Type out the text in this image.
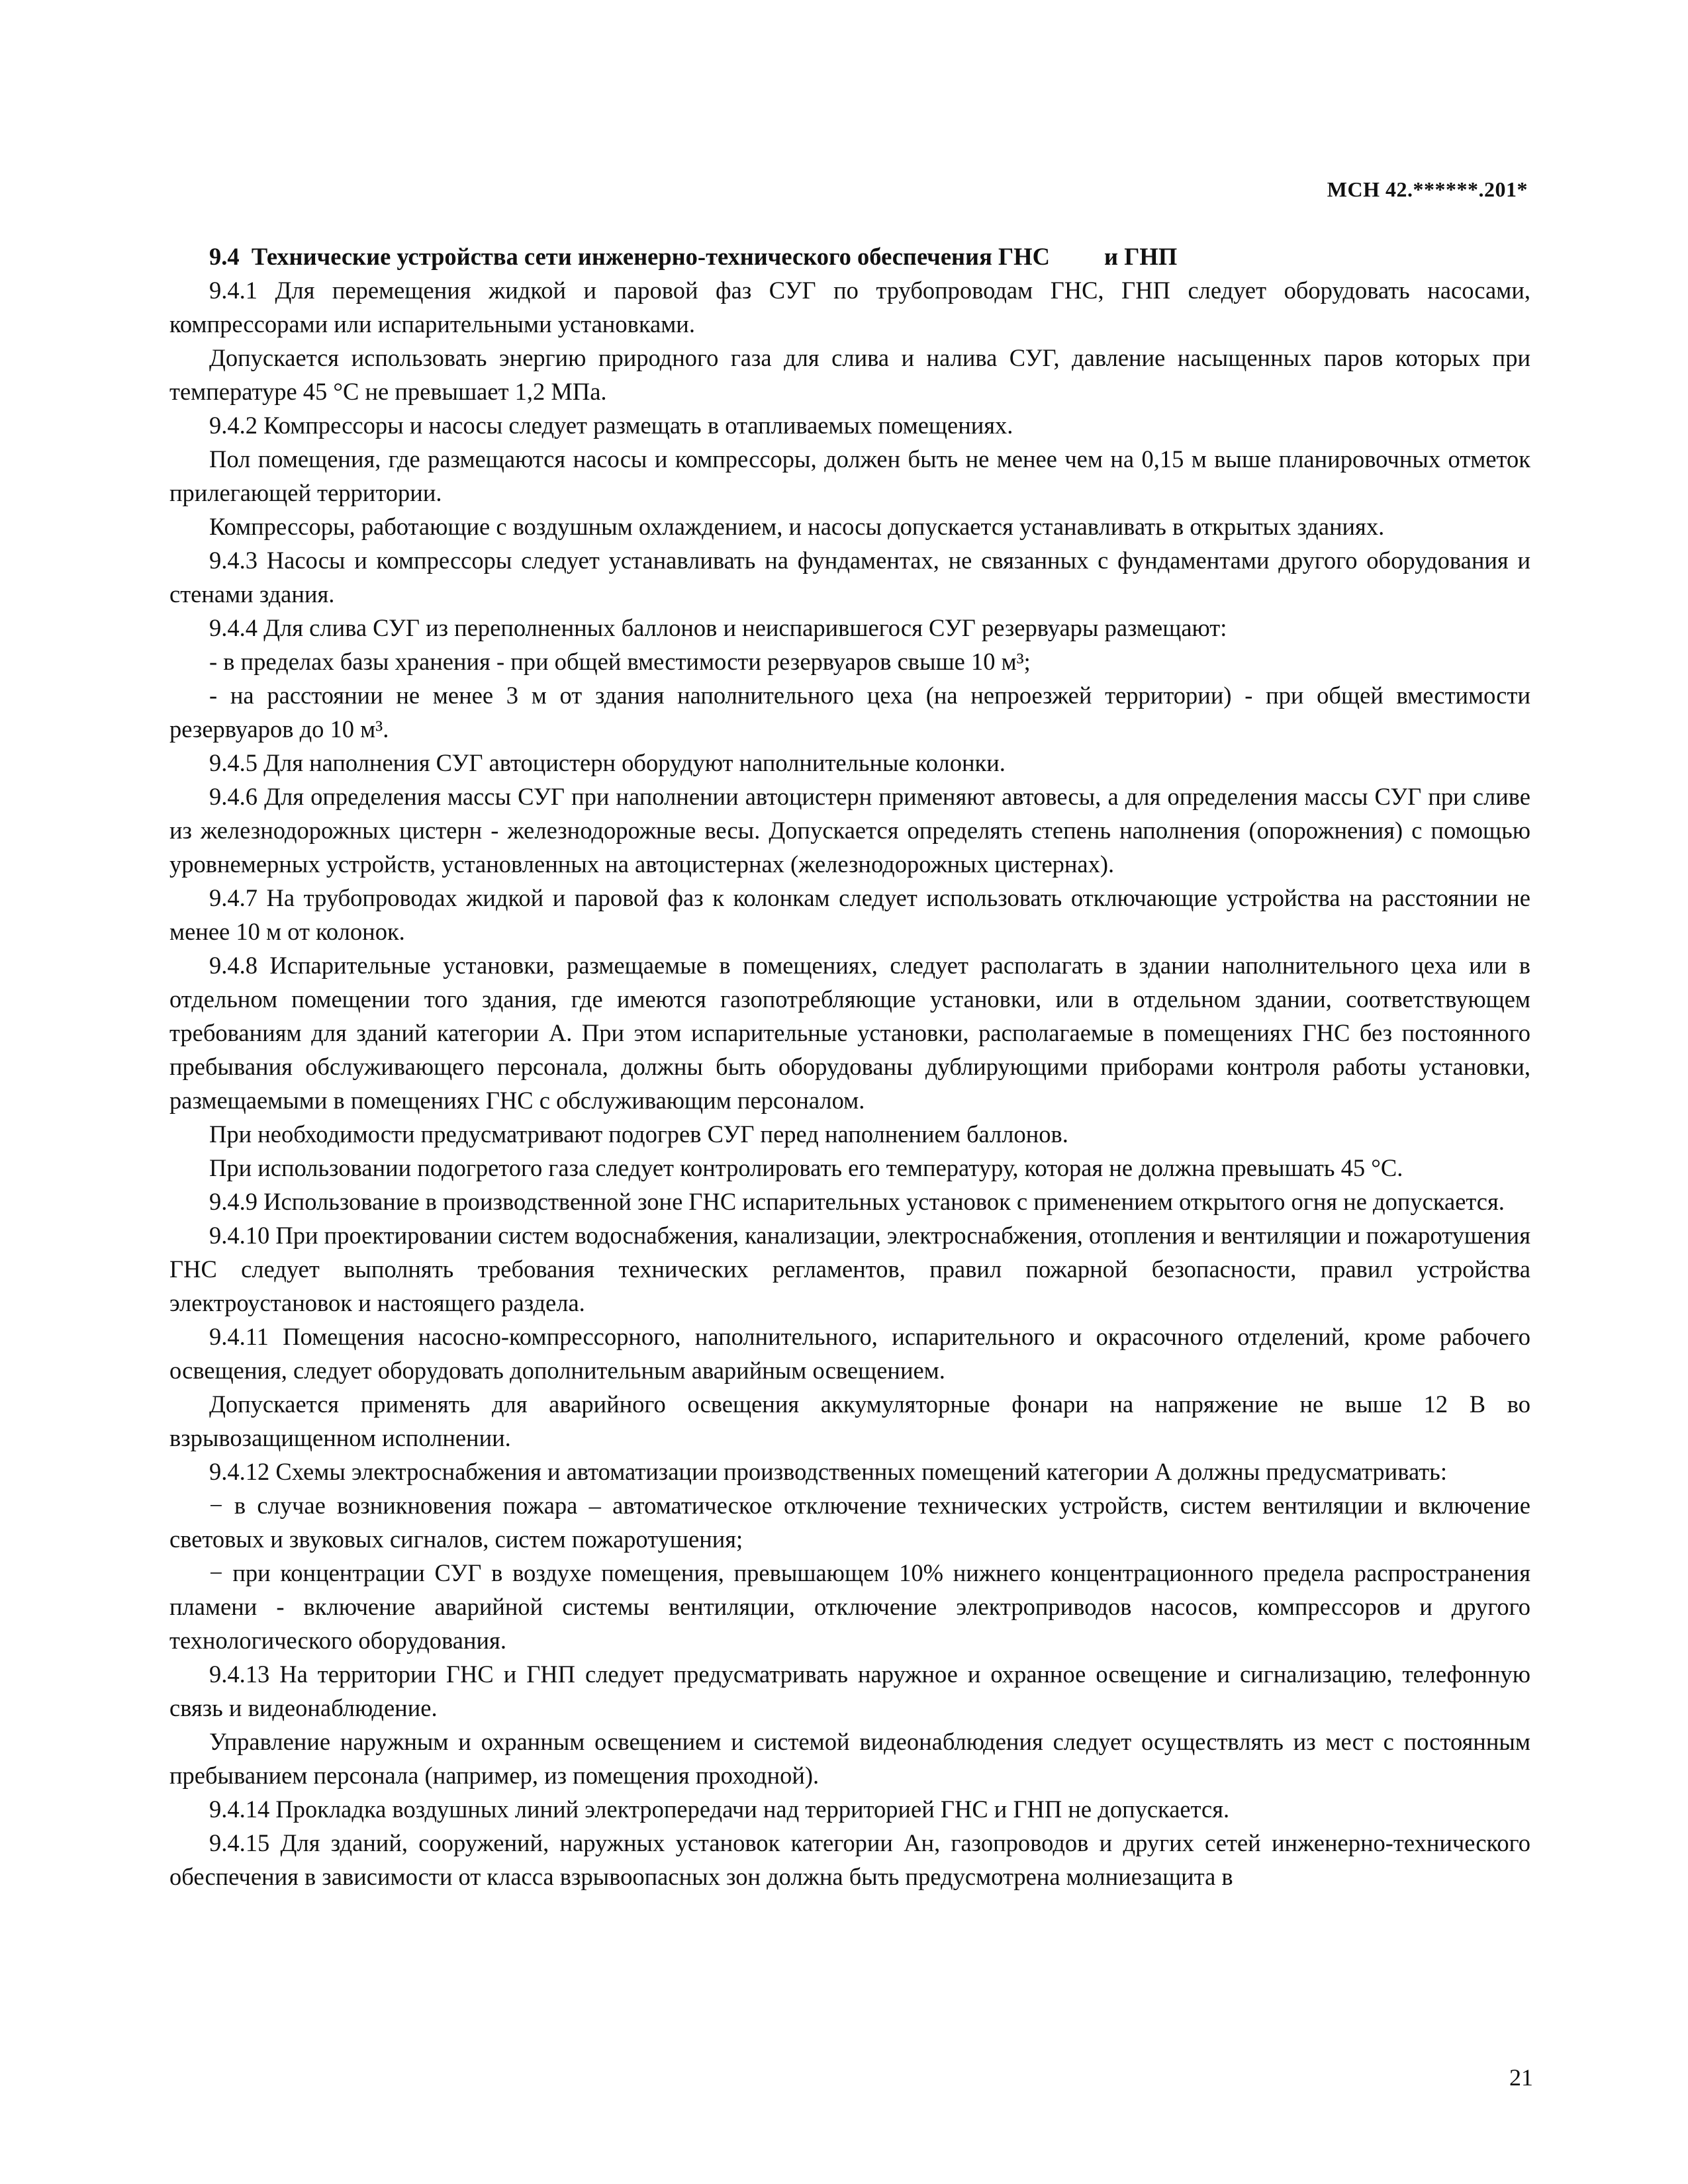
МСН 42.******.201*

9.4  Технические устройства сети инженерно-технического обеспечения ГНС         и ГНП

9.4.1 Для перемещения жидкой и паровой фаз СУГ по трубопроводам ГНС, ГНП следует оборудовать насосами, компрессорами или испарительными установками.

Допускается использовать энергию природного газа для слива и налива СУГ, давление насыщенных паров которых при температуре 45 °С не превышает 1,2 МПа.

9.4.2 Компрессоры и насосы следует размещать в отапливаемых помещениях.

Пол помещения, где размещаются насосы и компрессоры, должен быть не менее чем на 0,15 м выше планировочных отметок прилегающей территории.

Компрессоры, работающие с воздушным охлаждением, и насосы допускается устанавливать в открытых зданиях.

9.4.3 Насосы и компрессоры следует устанавливать на фундаментах, не связанных с фундаментами другого оборудования и стенами здания.

9.4.4 Для слива СУГ из переполненных баллонов и неиспарившегося СУГ резервуары размещают:

- в пределах базы хранения - при общей вместимости резервуаров свыше 10 м³;

- на расстоянии не менее 3 м от здания наполнительного цеха (на непроезжей территории) - при общей вместимости резервуаров до 10 м³.

9.4.5 Для наполнения СУГ автоцистерн оборудуют наполнительные колонки.

9.4.6 Для определения массы СУГ при наполнении автоцистерн применяют автовесы, а для определения массы СУГ при сливе из железнодорожных цистерн - железнодорожные весы. Допускается определять степень наполнения (опорожнения) с помощью уровнемерных устройств, установленных на автоцистернах (железнодорожных цистернах).

9.4.7 На трубопроводах жидкой и паровой фаз к колонкам следует использовать отключающие устройства на расстоянии не менее 10 м от колонок.

9.4.8 Испарительные установки, размещаемые в помещениях, следует располагать в здании наполнительного цеха или в отдельном помещении того здания, где имеются газопотребляющие установки, или в отдельном здании, соответствующем требованиям для зданий категории А. При этом испарительные установки, располагаемые в помещениях ГНС без постоянного пребывания обслуживающего персонала, должны быть оборудованы дублирующими приборами контроля работы установки, размещаемыми в помещениях ГНС с обслуживающим персоналом.

При необходимости предусматривают подогрев СУГ перед наполнением баллонов.

При использовании подогретого газа следует контролировать его температуру, которая не должна превышать 45 °С.

9.4.9 Использование в производственной зоне ГНС испарительных установок с применением открытого огня не допускается.

9.4.10 При проектировании систем водоснабжения, канализации, электроснабжения, отопления и вентиляции и пожаротушения ГНС следует выполнять требования технических регламентов, правил пожарной безопасности, правил устройства электроустановок и настоящего раздела.

9.4.11 Помещения насосно-компрессорного, наполнительного, испарительного и окрасочного отделений, кроме рабочего освещения, следует оборудовать дополнительным аварийным освещением.

Допускается применять для аварийного освещения аккумуляторные фонари на напряжение не выше 12 В во взрывозащищенном исполнении.

9.4.12 Схемы электроснабжения и автоматизации производственных помещений категории А должны предусматривать:

− в случае возникновения пожара – автоматическое отключение технических устройств, систем вентиляции и включение световых и звуковых сигналов, систем пожаротушения;

− при концентрации СУГ в воздухе помещения, превышающем 10% нижнего концентрационного предела распространения пламени - включение аварийной системы вентиляции, отключение электроприводов насосов, компрессоров и другого технологического оборудования.

9.4.13 На территории ГНС и ГНП следует предусматривать наружное и охранное освещение и сигнализацию, телефонную связь и видеонаблюдение.

Управление наружным и охранным освещением и системой видеонаблюдения следует осуществлять из мест с постоянным пребыванием персонала (например, из помещения проходной).

9.4.14 Прокладка воздушных линий электропередачи над территорией ГНС и ГНП не допускается.

9.4.15 Для зданий, сооружений, наружных установок категории Ан, газопроводов и других сетей инженерно-технического обеспечения в зависимости от класса взрывоопасных зон должна быть предусмотрена молниезащита в

21
